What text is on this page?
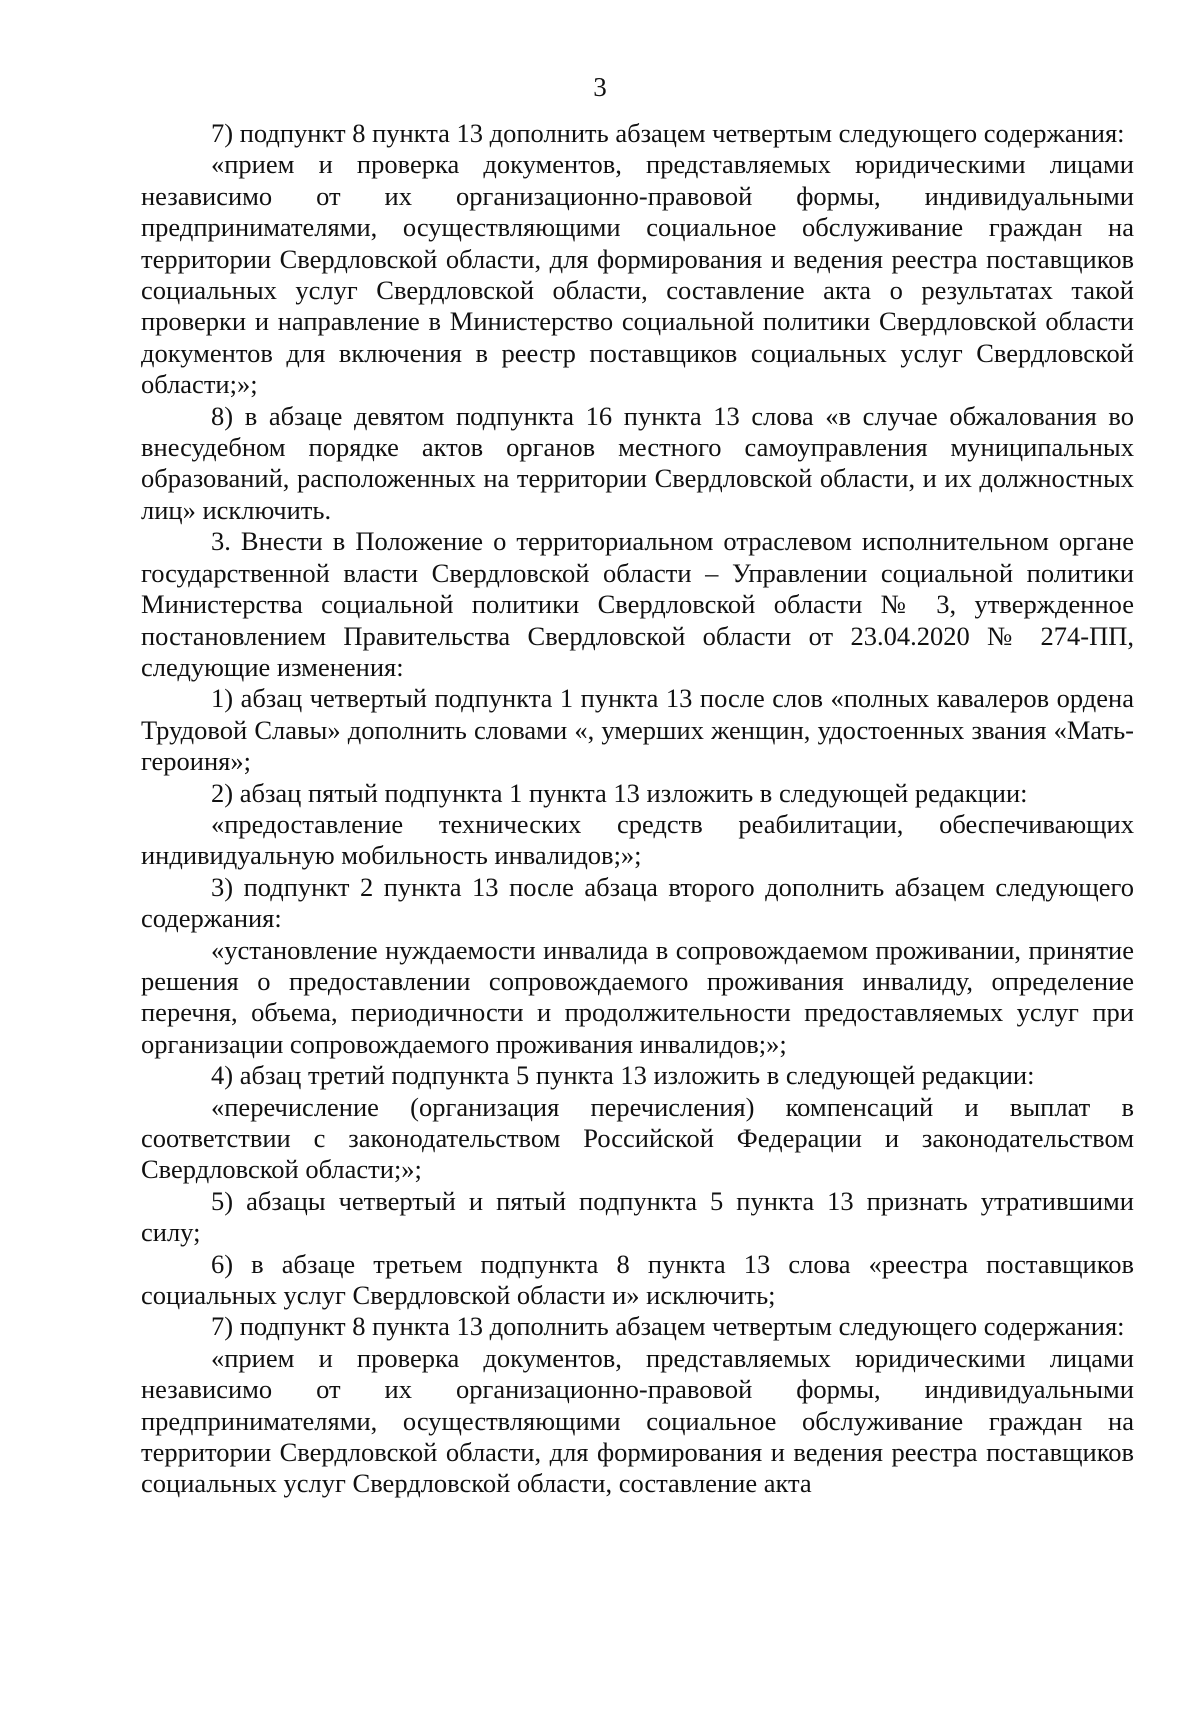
3

7) подпункт 8 пункта 13 дополнить абзацем четвертым следующего содержания:

«прием и проверка документов, представляемых юридическими лицами независимо от их организационно-правовой формы, индивидуальными предпринимателями, осуществляющими социальное обслуживание граждан на территории Свердловской области, для формирования и ведения реестра поставщиков социальных услуг Свердловской области, составление акта о результатах такой проверки и направление в Министерство социальной политики Свердловской области документов для включения в реестр поставщиков социальных услуг Свердловской области;»;

8) в абзаце девятом подпункта 16 пункта 13 слова «в случае обжалования во внесудебном порядке актов органов местного самоуправления муниципальных образований, расположенных на территории Свердловской области, и их должностных лиц» исключить.

3. Внести в Положение о территориальном отраслевом исполнительном органе государственной власти Свердловской области – Управлении социальной политики Министерства социальной политики Свердловской области № 3, утвержденное постановлением Правительства Свердловской области от 23.04.2020 № 274-ПП, следующие изменения:

1) абзац четвертый подпункта 1 пункта 13 после слов «полных кавалеров ордена Трудовой Славы» дополнить словами «, умерших женщин, удостоенных звания «Мать-героиня»;

2) абзац пятый подпункта 1 пункта 13 изложить в следующей редакции:

«предоставление технических средств реабилитации, обеспечивающих индивидуальную мобильность инвалидов;»;

3) подпункт 2 пункта 13 после абзаца второго дополнить абзацем следующего содержания:

«установление нуждаемости инвалида в сопровождаемом проживании, принятие решения о предоставлении сопровождаемого проживания инвалиду, определение перечня, объема, периодичности и продолжительности предоставляемых услуг при организации сопровождаемого проживания инвалидов;»;

4) абзац третий подпункта 5 пункта 13 изложить в следующей редакции:

«перечисление (организация перечисления) компенсаций и выплат в соответствии с законодательством Российской Федерации и законодательством Свердловской области;»;

5) абзацы четвертый и пятый подпункта 5 пункта 13 признать утратившими силу;

6) в абзаце третьем подпункта 8 пункта 13 слова «реестра поставщиков социальных услуг Свердловской области и» исключить;

7) подпункт 8 пункта 13 дополнить абзацем четвертым следующего содержания:

«прием и проверка документов, представляемых юридическими лицами независимо от их организационно-правовой формы, индивидуальными предпринимателями, осуществляющими социальное обслуживание граждан на территории Свердловской области, для формирования и ведения реестра поставщиков социальных услуг Свердловской области, составление акта
